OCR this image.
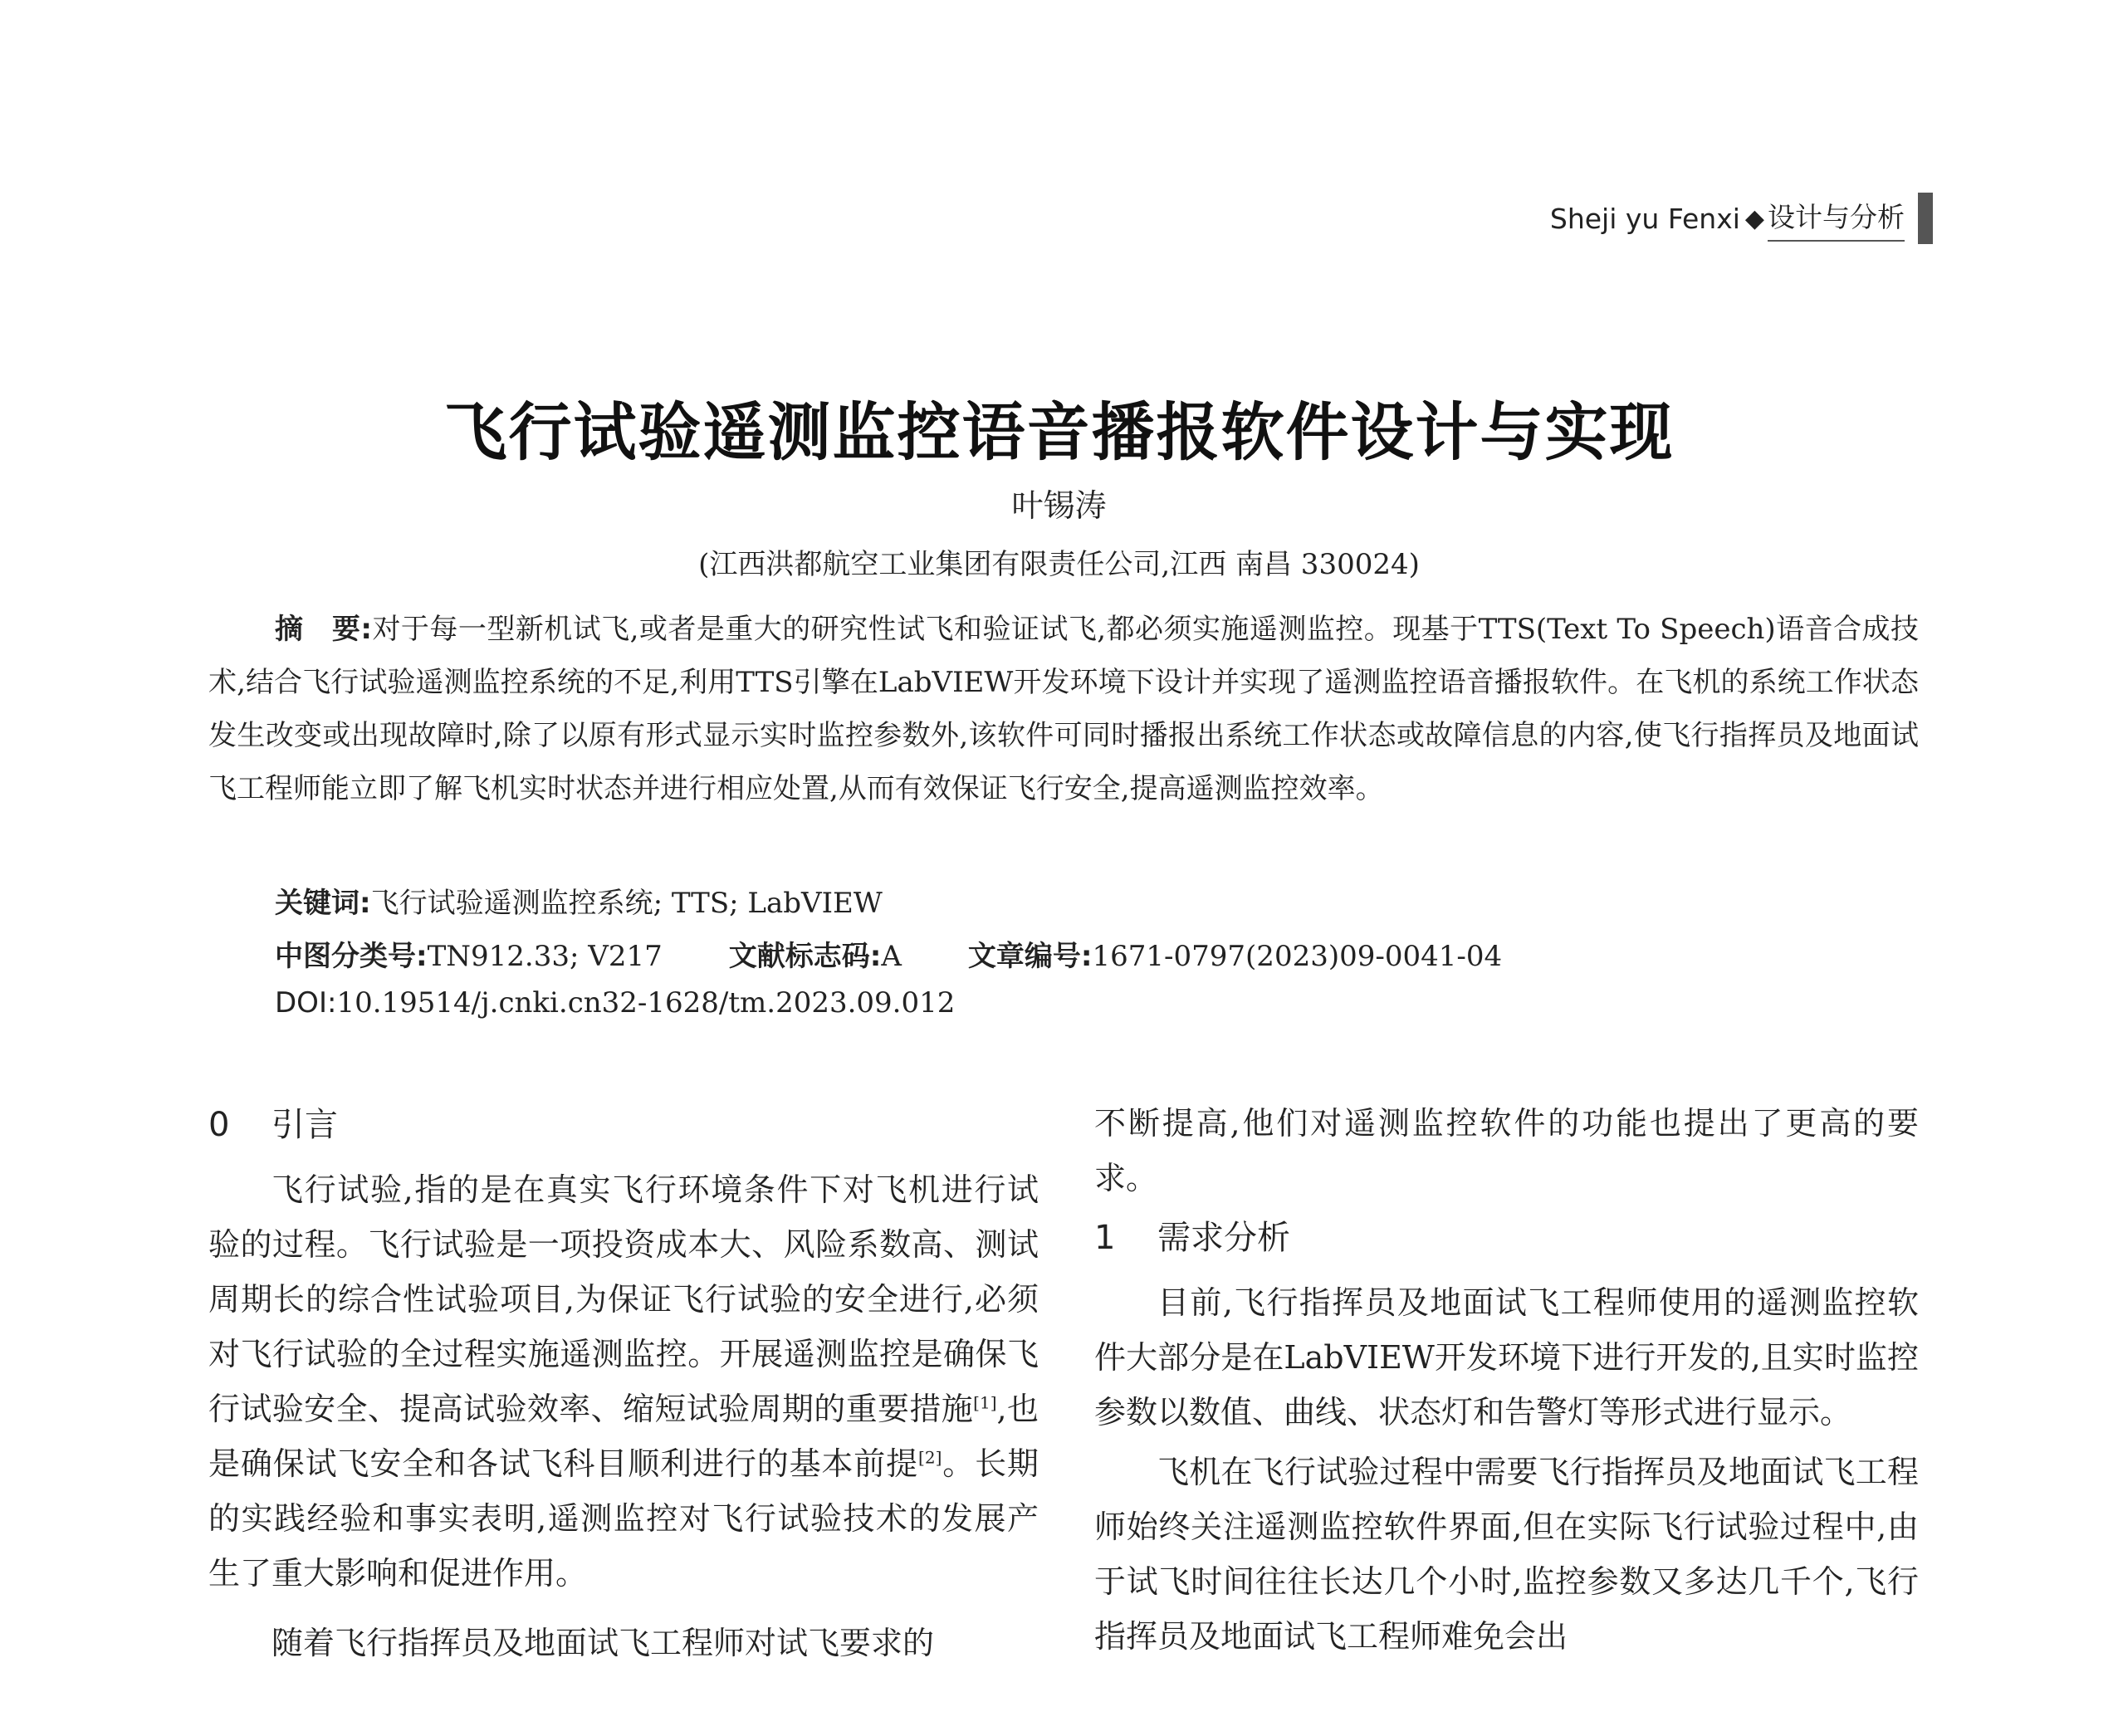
Sheji yu Fenxi ◆ 设计与分析
飞行试验遥测监控语音播报软件设计与实现
叶锡涛
(江西洪都航空工业集团有限责任公司,江西 南昌 330024)
摘　要:对于每一型新机试飞,或者是重大的研究性试飞和验证试飞,都必须实施遥测监控。现基于TTS(Text To Speech)语音合成技术,结合飞行试验遥测监控系统的不足,利用TTS引擎在LabVIEW开发环境下设计并实现了遥测监控语音播报软件。在飞机的系统工作状态发生改变或出现故障时,除了以原有形式显示实时监控参数外,该软件可同时播报出系统工作状态或故障信息的内容,使飞行指挥员及地面试飞工程师能立即了解飞机实时状态并进行相应处置,从而有效保证飞行安全,提高遥测监控效率。
关键词:飞行试验遥测监控系统; TTS; LabVIEW
中图分类号:TN912.33; V217 文献标志码:A 文章编号:1671-0797(2023)09-0041-04
DOI:10.19514/j.cnki.cn32-1628/tm.2023.09.012
0 引言

飞行试验,指的是在真实飞行环境条件下对飞机进行试验的过程。飞行试验是一项投资成本大、风险系数高、测试周期长的综合性试验项目,为保证飞行试验的安全进行,必须对飞行试验的全过程实施遥测监控。开展遥测监控是确保飞行试验安全、提高试验效率、缩短试验周期的重要措施[1],也是确保试飞安全和各试飞科目顺利进行的基本前提[2]。长期的实践经验和事实表明,遥测监控对飞行试验技术的发展产生了重大影响和促进作用。

随着飞行指挥员及地面试飞工程师对试飞要求的

不断提高,他们对遥测监控软件的功能也提出了更高的要求。

1 需求分析

目前,飞行指挥员及地面试飞工程师使用的遥测监控软件大部分是在LabVIEW开发环境下进行开发的,且实时监控参数以数值、曲线、状态灯和告警灯等形式进行显示。

飞机在飞行试验过程中需要飞行指挥员及地面试飞工程师始终关注遥测监控软件界面,但在实际飞行试验过程中,由于试飞时间往往长达几个小时,监控参数又多达几千个,飞行指挥员及地面试飞工程师难免会出
